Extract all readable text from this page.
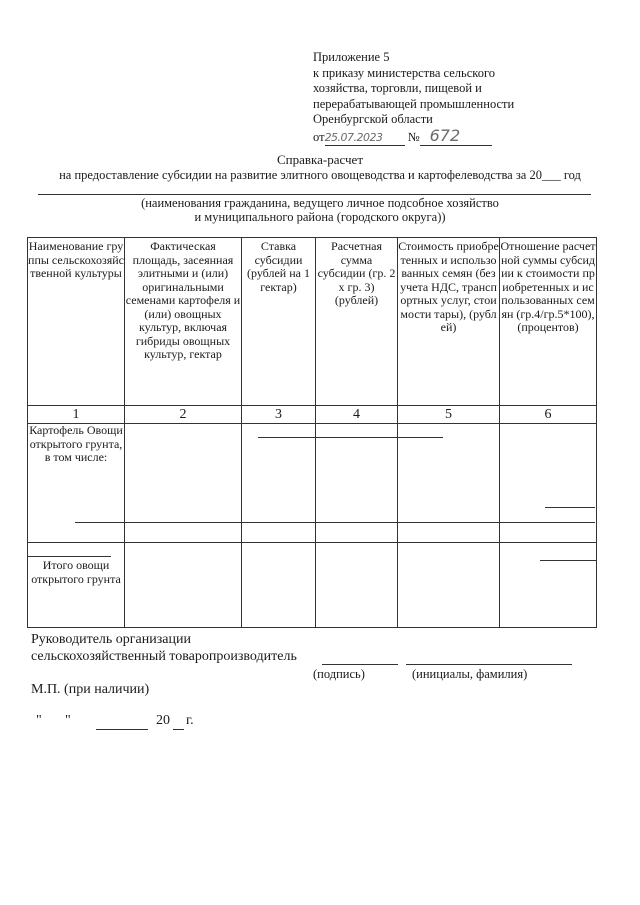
Приложение 5
к приказу министерства сельского
хозяйства, торговли, пищевой и
перерабатывающей промышленности
Оренбургской области
от25.07.2023 № 672
Справка-расчет
на предоставление субсидии на развитие элитного овощеводства и картофелеводства за 20___ год
(наименования гражданина, ведущего личное подсобное хозяйство
и муниципального района (городского округа))
Наименование группы сельскохозяйственной культуры	Фактическая площадь, засеянная элитными и (или) оригинальными семенами картофеля и (или) овощных культур, включая гибриды овощных культур, гектар	Ставка субсидии (рублей на 1 гектар)	Расчетная сумма субсидии (гр. 2 х гр. 3) (рублей)	Стоимость приобретенных и использованных семян (без учета НДС, транспортных услуг, стоимости тары), (рублей)	Отношение расчетной суммы субсидии к стоимости приобретенных и использованных семян (гр.4/гр.5*100), (процентов)
1	2	3	4	5	6
Картофель Овощи открытого грунта, в том числе:					
Итого овощи открытого грунта					
Руководитель организации
сельскохозяйственный товаропроизводитель
(подпись)	(инициалы, фамилия)
М.П. (при наличии)
" "	20 г.
